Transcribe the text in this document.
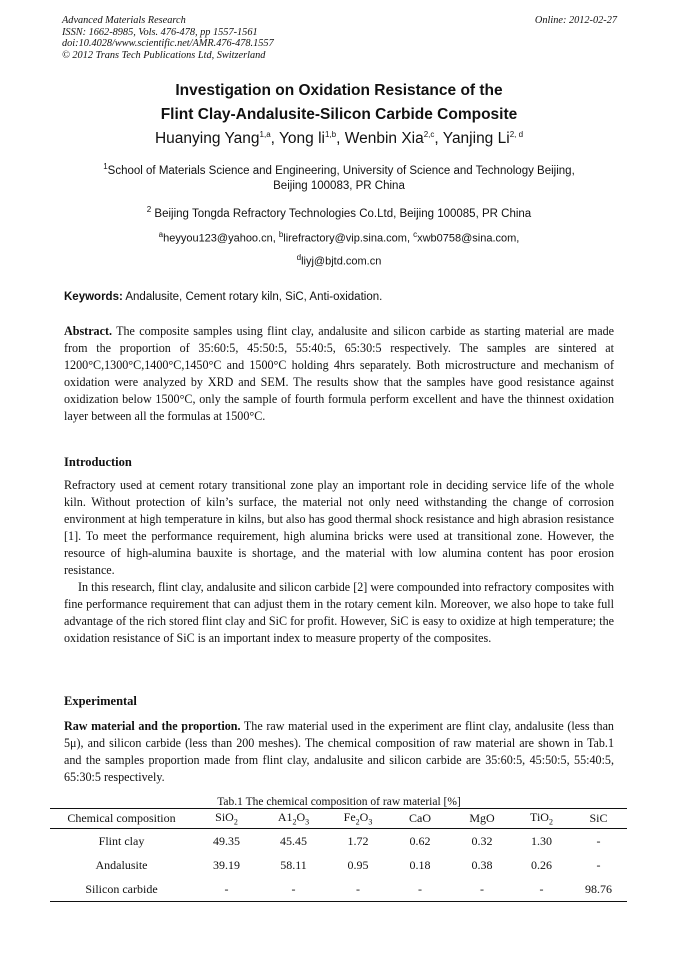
Advanced Materials Research
ISSN: 1662-8985, Vols. 476-478, pp 1557-1561
doi:10.4028/www.scientific.net/AMR.476-478.1557
© 2012 Trans Tech Publications Ltd, Switzerland
Online: 2012-02-27
Investigation on Oxidation Resistance of the
Flint Clay-Andalusite-Silicon Carbide Composite
Huanying Yang$^{1,a}$, Yong li$^{1,b}$, Wenbin Xia$^{2,c}$, Yanjing Li$^{2, d}$
$^1$School of Materials Science and Engineering, University of Science and Technology Beijing,
Beijing 100083, PR China
$^2$ Beijing Tongda Refractory Technologies Co.Ltd, Beijing 100085, PR China
$^a$heyyou123@yahoo.cn, $^b$lirefractory@vip.sina.com, $^c$xwb0758@sina.com,
$^d$liyj@bjtd.com.cn
Keywords: Andalusite, Cement rotary kiln, SiC, Anti-oxidation.

Abstract. The composite samples using flint clay, andalusite and silicon carbide as starting material are made from the proportion of 35:60:5, 45:50:5, 55:40:5, 65:30:5 respectively. The samples are sintered at 1200°C,1300°C,1400°C,1450°C and 1500°C holding 4hrs separately. Both microstructure and mechanism of oxidation were analyzed by XRD and SEM. The results show that the samples have good resistance against oxidization below 1500°C, only the sample of fourth formula perform excellent and have the thinnest oxidation layer between all the formulas at 1500°C.

Introduction

Refractory used at cement rotary transitional zone play an important role in deciding service life of the whole kiln. Without protection of kiln’s surface, the material not only need withstanding the change of corrosion environment at high temperature in kilns, but also has good thermal shock resistance and high abrasion resistance [1]. To meet the performance requirement, high alumina bricks were used at transitional zone. However, the resource of high-alumina bauxite is shortage, and the material with low alumina content has poor erosion resistance.

In this research, flint clay, andalusite and silicon carbide [2] were compounded into refractory composites with fine performance requirement that can adjust them in the rotary cement kiln. Moreover, we also hope to take full advantage of the rich stored flint clay and SiC for profit. However, SiC is easy to oxidize at high temperature; the oxidation resistance of SiC is an important index to measure property of the composites.

Experimental

Raw material and the proportion. The raw material used in the experiment are flint clay, andalusite (less than 5μ), and silicon carbide (less than 200 meshes). The chemical composition of raw material are shown in Tab.1 and the samples proportion made from flint clay, andalusite and silicon carbide are 35:60:5, 45:50:5, 55:40:5, 65:30:5 respectively.

Tab.1 The chemical composition of raw material [%]
Chemical composition	SiO$_2$	$A1_2O_3$	$Fe_2O_3$	CaO	MgO	TiO$_2$	SiC
Flint clay	49.35	45.45	1.72	0.62	0.32	1.30	-
Andalusite	39.19	58.11	0.95	0.18	0.38	0.26	-
Silicon carbide	-	-	-	-	-	-	98.76
